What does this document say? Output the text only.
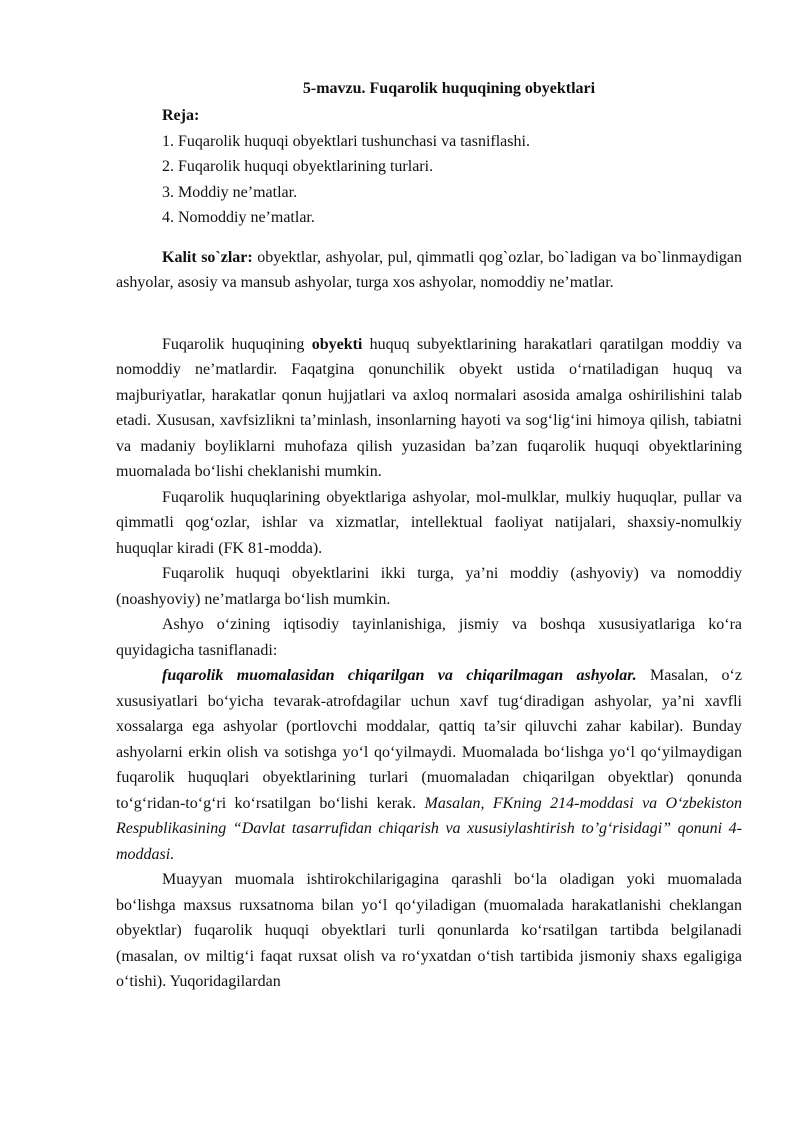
5-mavzu. Fuqarolik huquqining obyektlari
Reja:
1. Fuqarolik huquqi obyektlari tushunchasi va tasniflashi.
2. Fuqarolik huquqi obyektlarining turlari.
3. Moddiy ne’matlar.
4. Nomoddiy ne’matlar.

Kalit so`zlar: obyektlar, ashyolar, pul, qimmatli qog`ozlar, bo`ladigan va bo`linmaydigan ashyolar, asosiy va mansub ashyolar, turga xos ashyolar, nomoddiy ne’matlar.

Fuqarolik huquqining obyekti huquq subyektlarining harakatlari qaratilgan moddiy va nomoddiy ne’matlardir. Faqatgina qonunchilik obyekt ustida o‘rnatiladigan huquq va majburiyatlar, harakatlar qonun hujjatlari va axloq normalari asosida amalga oshirilishini talab etadi. Xususan, xavfsizlikni ta’minlash, insonlarning hayoti va sog‘lig‘ini himoya qilish, tabiatni va madaniy boyliklarni muhofaza qilish yuzasidan ba’zan fuqarolik huquqi obyektlarining muomalada bo‘lishi cheklanishi mumkin.

Fuqarolik huquqlarining obyektlariga ashyolar, mol-mulklar, mulkiy huquqlar, pullar va qimmatli qog‘ozlar, ishlar va xizmatlar, intellektual faoliyat natijalari, shaxsiy-nomulkiy huquqlar kiradi (FK 81-modda).

Fuqarolik huquqi obyektlarini ikki turga, ya’ni moddiy (ashyoviy) va nomoddiy (noashyoviy) ne’matlarga bo‘lish mumkin.

Ashyo o‘zining iqtisodiy tayinlanishiga, jismiy va boshqa xususiyatlariga ko‘ra quyidagicha tasniflanadi:

fuqarolik muomalasidan chiqarilgan va chiqarilmagan ashyolar. Masalan, o‘z xususiyatlari bo‘yicha tevarak-atrofdagilar uchun xavf tug‘diradigan ashyolar, ya’ni xavfli xossalarga ega ashyolar (portlovchi moddalar, qattiq ta’sir qiluvchi zahar kabilar). Bunday ashyolarni erkin olish va sotishga yo‘l qo‘yilmaydi. Muomalada bo‘lishga yo‘l qo‘yilmaydigan fuqarolik huquqlari obyektlarining turlari (muomaladan chiqarilgan obyektlar) qonunda to‘g‘ridan-to‘g‘ri ko‘rsatilgan bo‘lishi kerak. Masalan, FKning 214-moddasi va O‘zbekiston Respublikasining “Davlat tasarrufidan chiqarish va xususiylashtirish to’g‘risidagi” qonuni 4-moddasi.

Muayyan muomala ishtirokchilarigagina qarashli bo‘la oladigan yoki muomalada bo‘lishga maxsus ruxsatnoma bilan yo‘l qo‘yiladigan (muomalada harakatlanishi cheklangan obyektlar) fuqarolik huquqi obyektlari turli qonunlarda ko‘rsatilgan tartibda belgilanadi (masalan, ov miltig‘i faqat ruxsat olish va ro‘yxatdan o‘tish tartibida jismoniy shaxs egaligiga o‘tishi). Yuqoridagilardan
